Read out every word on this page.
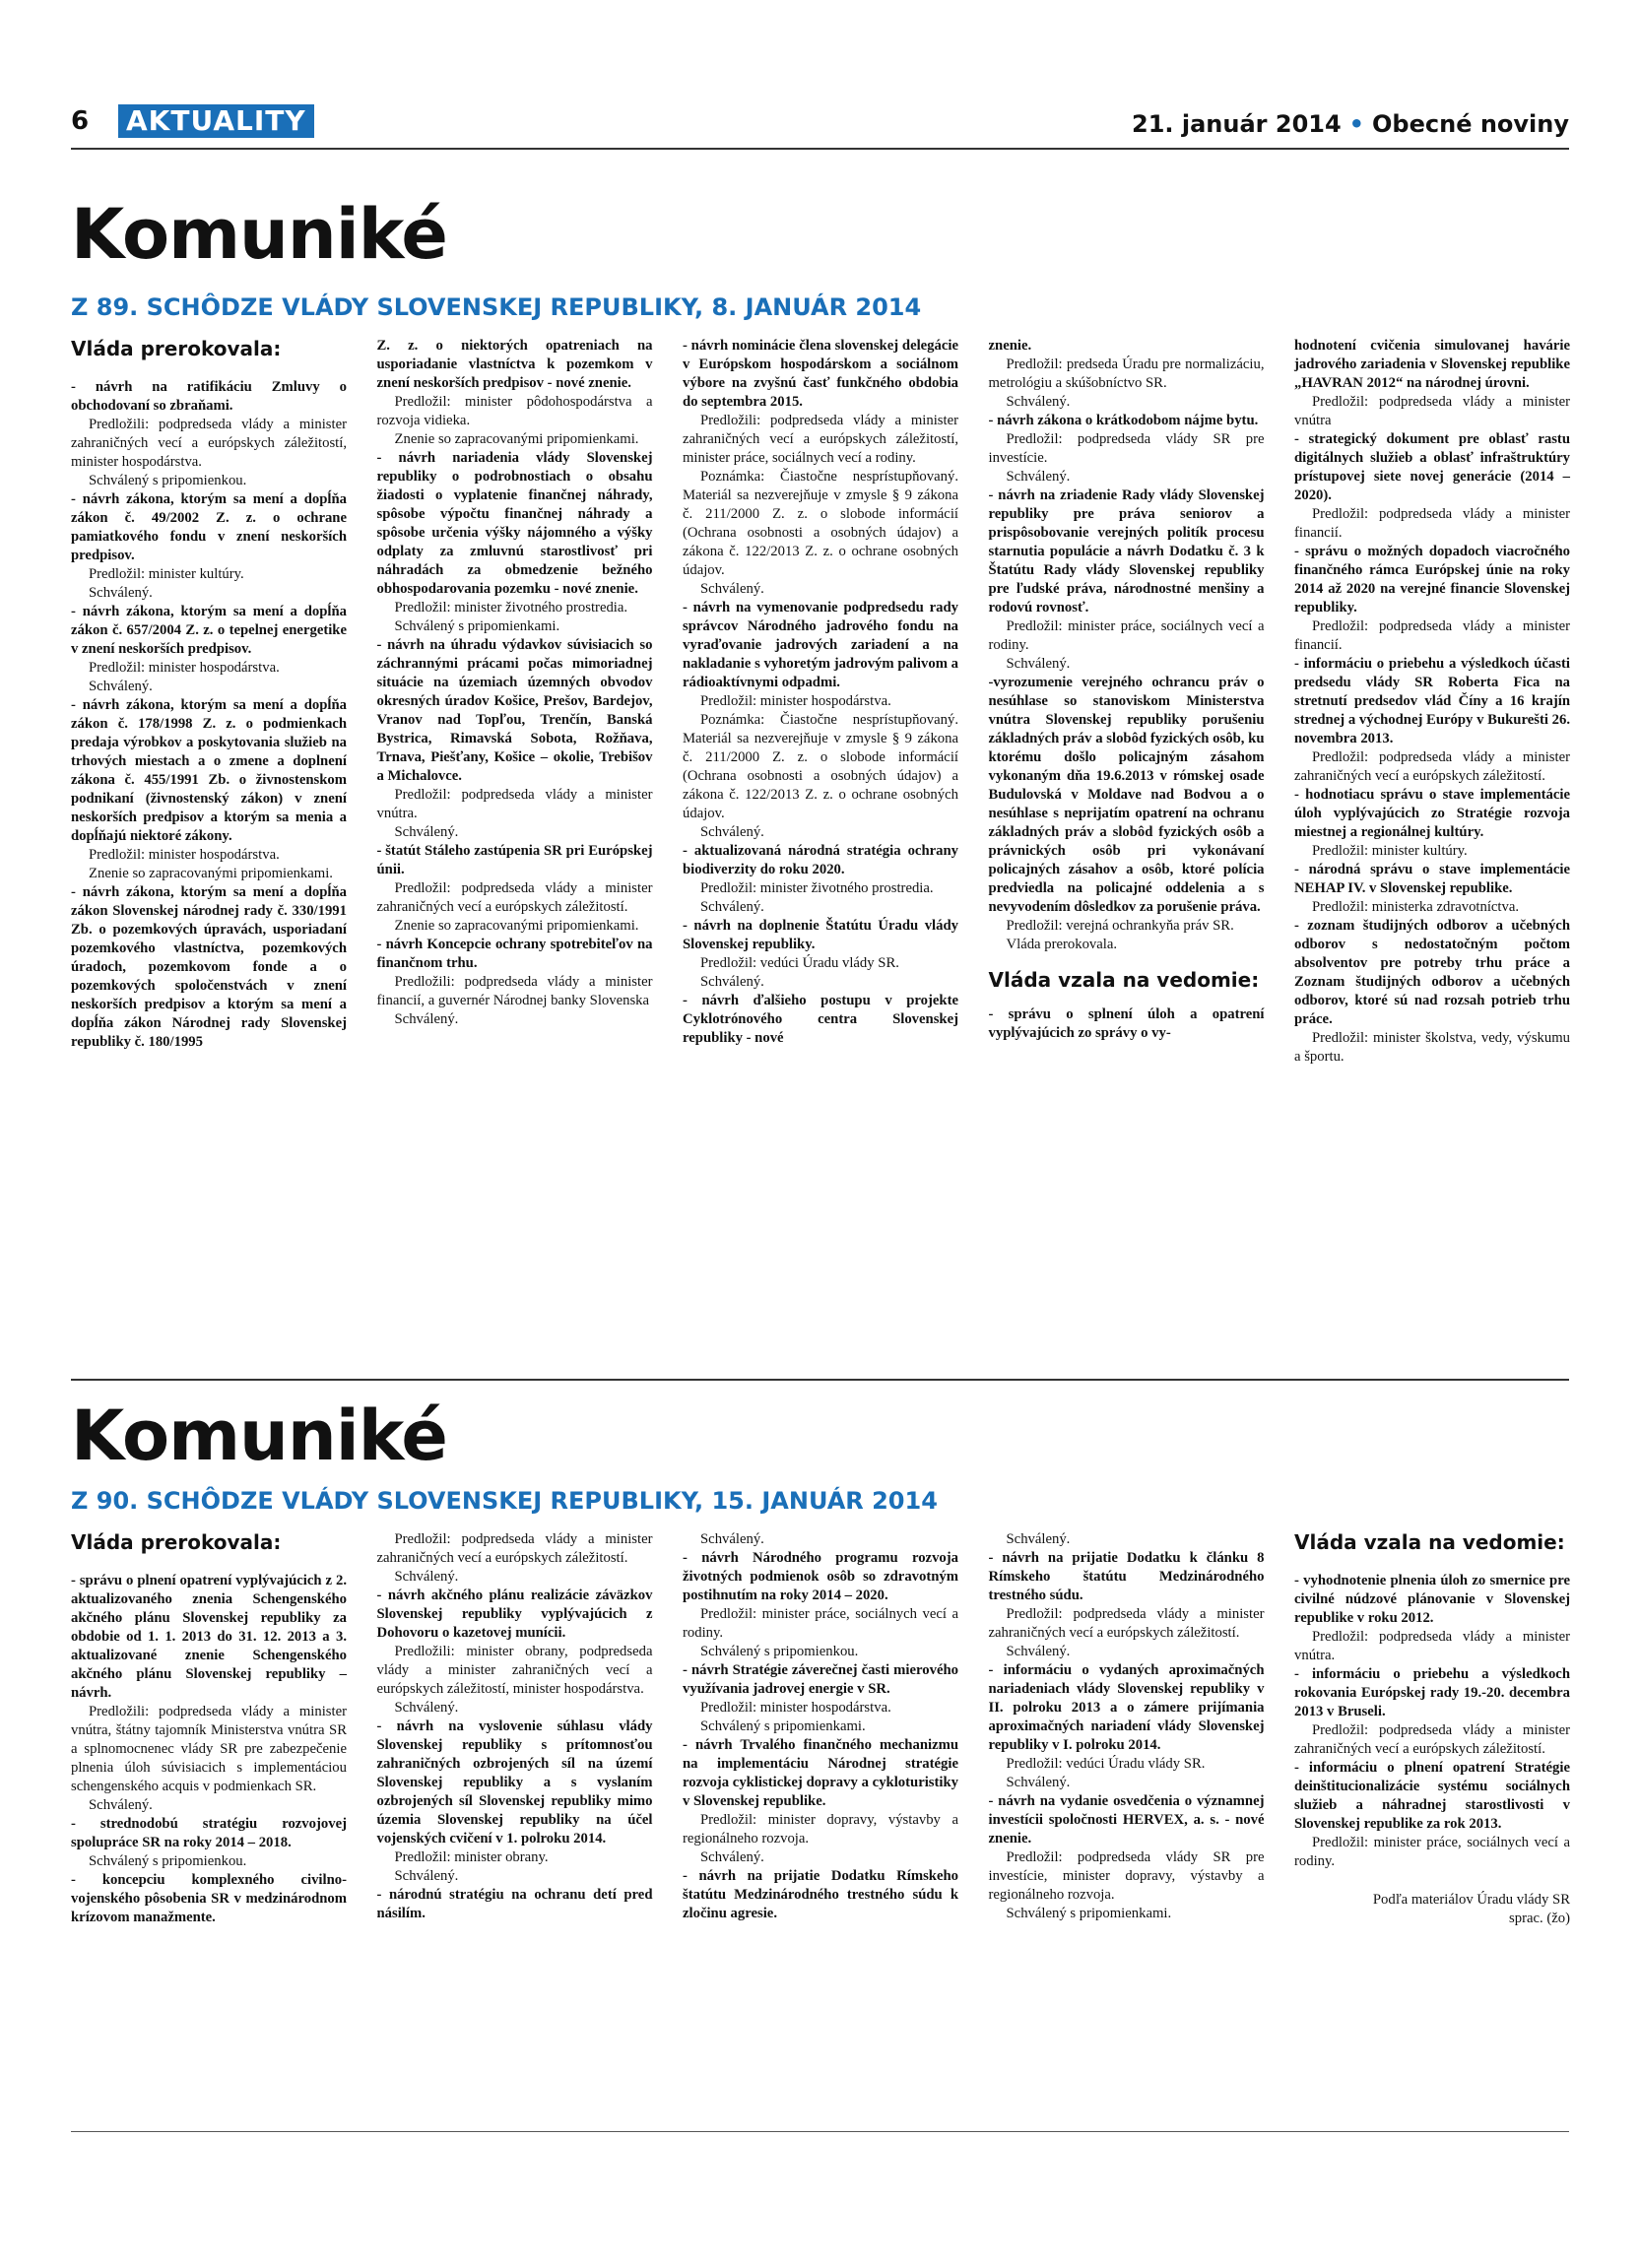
6 AKTUALITY	21. január 2014 • Obecné noviny
Komuniké
Z 89. SCHÔDZE VLÁDY SLOVENSKEJ REPUBLIKY, 8. JANUÁR 2014
Vláda prerokovala:

- návrh na ratifikáciu Zmluvy o obchodovaní so zbraňami.

Predložili: podpredseda vlády a minister zahraničných vecí a európskych záležitostí, minister hospodárstva.

Schválený s pripomienkou.

- návrh zákona, ktorým sa mení a dopĺňa zákon č. 49/2002 Z. z. o ochrane pamiatkového fondu v znení neskorších predpisov.

Predložil: minister kultúry.

Schválený.

- návrh zákona, ktorým sa mení a dopĺňa zákon č. 657/2004 Z. z. o tepelnej energetike v znení neskorších predpisov.

Predložil: minister hospodárstva.

Schválený.

- návrh zákona, ktorým sa mení a dopĺňa zákon č. 178/1998 Z. z. o podmienkach predaja výrobkov a poskytovania služieb na trhových miestach a o zmene a doplnení zákona č. 455/1991 Zb. o živnostenskom podnikaní (živnostenský zákon) v znení neskorších predpisov a ktorým sa menia a dopĺňajú niektoré zákony.

Predložil: minister hospodárstva.

Znenie so zapracovanými pripomienkami.

- návrh zákona, ktorým sa mení a dopĺňa zákon Slovenskej národnej rady č. 330/1991 Zb. o pozemkových úpravách, usporiadaní pozemkového vlastníctva, pozemkových úradoch, pozemkovom fonde a o pozemkových spoločenstvách v znení neskorších predpisov a ktorým sa mení a dopĺňa zákon Národnej rady Slovenskej republiky č. 180/1995

Z. z. o niektorých opatreniach na usporiadanie vlastníctva k pozemkom v znení neskorších predpisov - nové znenie.

Predložil: minister pôdohospodárstva a rozvoja vidieka.

Znenie so zapracovanými pripomienkami.

- návrh nariadenia vlády Slovenskej republiky o podrobnostiach o obsahu žiadosti o vyplatenie finančnej náhrady, spôsobe výpočtu finančnej náhrady a spôsobe určenia výšky nájomného a výšky odplaty za zmluvnú starostlivosť pri náhradách za obmedzenie bežného obhospodarovania pozemku - nové znenie.

Predložil: minister životného prostredia.

Schválený s pripomienkami.

- návrh na úhradu výdavkov súvisiacich so záchrannými prácami počas mimoriadnej situácie na územiach územných obvodov okresných úradov Košice, Prešov, Bardejov, Vranov nad Topľou, Trenčín, Banská Bystrica, Rimavská Sobota, Rožňava, Trnava, Piešťany, Košice – okolie, Trebišov a Michalovce.

Predložil: podpredseda vlády a minister vnútra.

Schválený.

- štatút Stáleho zastúpenia SR pri Európskej únii.

Predložil: podpredseda vlády a minister zahraničných vecí a európskych záležitostí.

Znenie so zapracovanými pripomienkami.

- návrh Koncepcie ochrany spotrebiteľov na finančnom trhu.

Predložili: podpredseda vlády a minister financií, a guvernér Národnej banky Slovenska

Schválený.

- návrh nominácie člena slovenskej delegácie v Európskom hospodárskom a sociálnom výbore na zvyšnú časť funkčného obdobia do septembra 2015.

Predložili: podpredseda vlády a minister zahraničných vecí a európskych záležitostí, minister práce, sociálnych vecí a rodiny.

Poznámka: Čiastočne nesprístupňovaný. Materiál sa nezverejňuje v zmysle § 9 zákona č. 211/2000 Z. z. o slobode informácií (Ochrana osobnosti a osobných údajov) a zákona č. 122/2013 Z. z. o ochrane osobných údajov.

Schválený.

- návrh na vymenovanie podpredsedu rady správcov Národného jadrového fondu na vyraďovanie jadrových zariadení a na nakladanie s vyhoretým jadrovým palivom a rádioaktívnymi odpadmi.

Predložil: minister hospodárstva.

Poznámka: Čiastočne nesprístupňovaný. Materiál sa nezverejňuje v zmysle § 9 zákona č. 211/2000 Z. z. o slobode informácií (Ochrana osobnosti a osobných údajov) a zákona č. 122/2013 Z. z. o ochrane osobných údajov.

Schválený.

- aktualizovaná národná stratégia ochrany biodiverzity do roku 2020.

Predložil: minister životného prostredia.

Schválený.

- návrh na doplnenie Štatútu Úradu vlády Slovenskej republiky.

Predložil: vedúci Úradu vlády SR.

Schválený.

- návrh ďalšieho postupu v projekte Cyklotrónového centra Slovenskej republiky - nové

znenie.

Predložil: predseda Úradu pre normalizáciu, metrológiu a skúšobníctvo SR.

Schválený.

- návrh zákona o krátkodobom nájme bytu.

Predložil: podpredseda vlády SR pre investície.

Schválený.

- návrh na zriadenie Rady vlády Slovenskej republiky pre práva seniorov a prispôsobovanie verejných politík procesu starnutia populácie a návrh Dodatku č. 3 k Štatútu Rady vlády Slovenskej republiky pre ľudské práva, národnostné menšiny a rodovú rovnosť.

Predložil: minister práce, sociálnych vecí a rodiny.

Schválený.

-vyrozumenie verejného ochrancu práv o nesúhlase so stanoviskom Ministerstva vnútra Slovenskej republiky porušeniu základných práv a slobôd fyzických osôb, ku ktorému došlo policajným zásahom vykonaným dňa 19.6.2013 v rómskej osade Budulovská v Moldave nad Bodvou a o nesúhlase s neprijatím opatrení na ochranu základných práv a slobôd fyzických osôb a právnických osôb pri vykonávaní policajných zásahov a osôb, ktoré polícia predviedla na policajné oddelenia a s nevyvodením dôsledkov za porušenie práva.

Predložil: verejná ochrankyňa práv SR.

Vláda prerokovala.

Vláda vzala na vedomie:

- správu o splnení úloh a opatrení vyplývajúcich zo správy o vy-

hodnotení cvičenia simulovanej havárie jadrového zariadenia v Slovenskej republike „HAVRAN 2012“ na národnej úrovni.

Predložil: podpredseda vlády a minister vnútra

- strategický dokument pre oblasť rastu digitálnych služieb a oblasť infraštruktúry prístupovej siete novej generácie (2014 – 2020).

Predložil: podpredseda vlády a minister financií.

- správu o možných dopadoch viacročného finančného rámca Európskej únie na roky 2014 až 2020 na verejné financie Slovenskej republiky.

Predložil: podpredseda vlády a minister financií.

- informáciu o priebehu a výsledkoch účasti predsedu vlády SR Roberta Fica na stretnutí predsedov vlád Číny a 16 krajín strednej a východnej Európy v Bukurešti 26. novembra 2013.

Predložil: podpredseda vlády a minister zahraničných vecí a európskych záležitostí.

- hodnotiacu správu o stave implementácie úloh vyplývajúcich zo Stratégie rozvoja miestnej a regionálnej kultúry.

Predložil: minister kultúry.

- národná správu o stave implementácie NEHAP IV. v Slovenskej republike.

Predložil: ministerka zdravotníctva.

- zoznam študijných odborov a učebných odborov s nedostatočným počtom absolventov pre potreby trhu práce a Zoznam študijných odborov a učebných odborov, ktoré sú nad rozsah potrieb trhu práce.

Predložil: minister školstva, vedy, výskumu a športu.

Komuniké
Z 90. SCHÔDZE VLÁDY SLOVENSKEJ REPUBLIKY, 15. JANUÁR 2014
Vláda prerokovala:

- správu o plnení opatrení vyplývajúcich z 2. aktualizovaného znenia Schengenského akčného plánu Slovenskej republiky za obdobie od 1. 1. 2013 do 31. 12. 2013 a 3. aktualizované znenie Schengenského akčného plánu Slovenskej republiky – návrh.

Predložili: podpredseda vlády a minister vnútra, štátny tajomník Ministerstva vnútra SR a splnomocnenec vlády SR pre zabezpečenie plnenia úloh súvisiacich s implementáciou schengenského acquis v podmienkach SR.

Schválený.

- strednodobú stratégiu rozvojovej spolupráce SR na roky 2014 – 2018.

Schválený s pripomienkou.

- koncepciu komplexného civilno-vojenského pôsobenia SR v medzinárodnom krízovom manažmente.

Predložil: podpredseda vlády a minister zahraničných vecí a európskych záležitostí.

Schválený.

- návrh akčného plánu realizácie záväzkov Slovenskej republiky vyplývajúcich z Dohovoru o kazetovej munícii.

Predložili: minister obrany, podpredseda vlády a minister zahraničných vecí a európskych záležitostí, minister hospodárstva.

Schválený.

- návrh na vyslovenie súhlasu vlády Slovenskej republiky s prítomnosťou zahraničných ozbrojených síl na území Slovenskej republiky a s vyslaním ozbrojených síl Slovenskej republiky mimo územia Slovenskej republiky na účel vojenských cvičení v 1. polroku 2014.

Predložil: minister obrany.

Schválený.

- národnú stratégiu na ochranu detí pred násilím.

Schválený.

- návrh Národného programu rozvoja životných podmienok osôb so zdravotným postihnutím na roky 2014 – 2020.

Predložil: minister práce, sociálnych vecí a rodiny.

Schválený s pripomienkou.

- návrh Stratégie záverečnej časti mierového využívania jadrovej energie v SR.

Predložil: minister hospodárstva.

Schválený s pripomienkami.

- návrh Trvalého finančného mechanizmu na implementáciu Národnej stratégie rozvoja cyklistickej dopravy a cykloturistiky v Slovenskej republike.

Predložil: minister dopravy, výstavby a regionálneho rozvoja.

Schválený.

- návrh na prijatie Dodatku Rímskeho štatútu Medzinárodného trestného súdu k zločinu agresie.

Schválený.

- návrh na prijatie Dodatku k článku 8 Rímskeho štatútu Medzinárodného trestného súdu.

Predložil: podpredseda vlády a minister zahraničných vecí a európskych záležitostí.

Schválený.

- informáciu o vydaných aproximačných nariadeniach vlády Slovenskej republiky v II. polroku 2013 a o zámere prijímania aproximačných nariadení vlády Slovenskej republiky v I. polroku 2014.

Predložil: vedúci Úradu vlády SR.

Schválený.

- návrh na vydanie osvedčenia o významnej investícii spoločnosti HERVEX, a. s. - nové znenie.

Predložil: podpredseda vlády SR pre investície, minister dopravy, výstavby a regionálneho rozvoja.

Schválený s pripomienkami.

Vláda vzala na vedomie:

- vyhodnotenie plnenia úloh zo smernice pre civilné núdzové plánovanie v Slovenskej republike v roku 2012.

Predložil: podpredseda vlády a minister vnútra.

- informáciu o priebehu a výsledkoch rokovania Európskej rady 19.-20. decembra 2013 v Bruseli.

Predložil: podpredseda vlády a minister zahraničných vecí a európskych záležitostí.

- informáciu o plnení opatrení Stratégie deinštitucionalizácie systému sociálnych služieb a náhradnej starostlivosti v Slovenskej republike za rok 2013.

Predložil: minister práce, sociálnych vecí a rodiny.

Podľa materiálov Úradu vlády SR

sprac. (žo)
